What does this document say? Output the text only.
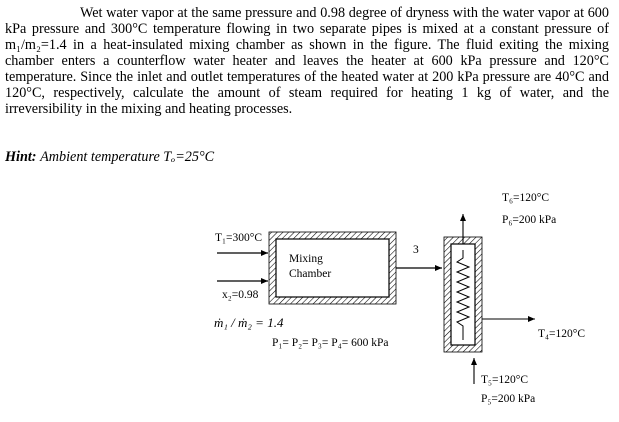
Wet water vapor at the same pressure and 0.98 degree of dryness with the water vapor at 600 kPa pressure and 300°C temperature flowing in two separate pipes is mixed at a constant pressure of m₁/m₂=1.4 in a heat-insulated mixing chamber as shown in the figure. The fluid exiting the mixing chamber enters a counterflow water heater and leaves the heater at 600 kPa pressure and 120°C temperature. Since the inlet and outlet temperatures of the heated water at 200 kPa pressure are 40°C and 120°C, respectively, calculate the amount of steam required for heating 1 kg of water, and the irreversibility in the mixing and heating processes.

Hint: Ambient temperature Tₒ=25°C
T₁=300°C
x₂=0.98
ṁ₁ / ṁ₂ = 1.4
Mixing
Chamber
3
P₁= P₂= P₃= P₄= 600 kPa
T₆=120°C
P₆=200 kPa
T₄=120°C
T₅=120°C
P₅=200 kPa
